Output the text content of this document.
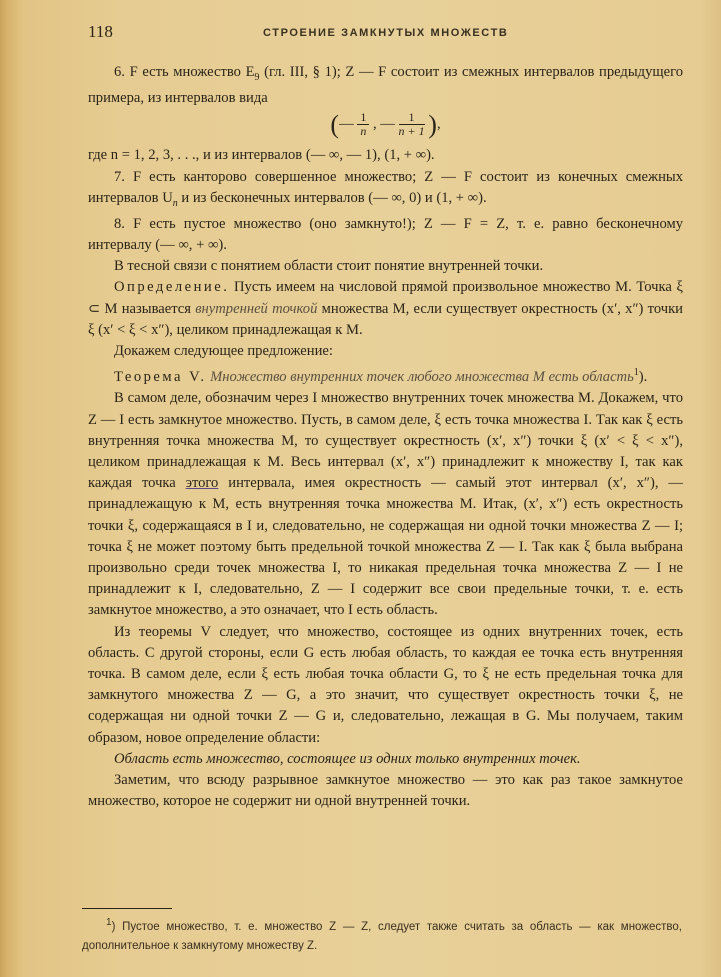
118	СТРОЕНИЕ ЗАМКНУТЫХ МНОЖЕСТВ

6. F есть множество $E_9$ (гл. III, § 1); Z — F состоит из смежных интервалов предыдущего примера, из интервалов вида

(— $\frac{1}{n}$ , — $\frac{1}{n + 1}$ ),

где n = 1, 2, 3, . . ., и из интервалов (— ∞, — 1), (1, + ∞).

7. F есть канторово совершенное множество; Z — F состоит из конечных смежных интервалов $U_n$ и из бесконечных интервалов (— ∞, 0) и (1, + ∞).

8. F есть пустое множество (оно замкнуто!); Z — F = Z, т. е. равно бесконечному интервалу (— ∞, + ∞).

В тесной связи с понятием области стоит понятие внутренней точки.

Определение. Пусть имеем на числовой прямой произвольное множество M. Точка ξ ⊂ M называется внутренней точкой множества M, если существует окрестность (x′, x″) точки ξ (x′ < ξ < x″), целиком принадлежащая к M.

Докажем следующее предложение:

Теорема V. Множество внутренних точек любого множества M есть область$^1$).

В самом деле, обозначим через I множество внутренних точек множества M. Докажем, что Z — I есть замкнутое множество. Пусть, в самом деле, ξ есть точка множества I. Так как ξ есть внутренняя точка множества M, то существует окрестность (x′, x″) точки ξ (x′ < ξ < x″), целиком принадлежащая к M. Весь интервал (x′, x″) принадлежит к множеству I, так как каждая точка этого интервала, имея окрестность — самый этот интервал (x′, x″), — принадлежащую к M, есть внутренняя точка множества M. Итак, (x′, x″) есть окрестность точки ξ, содержащаяся в I и, следовательно, не содержащая ни одной точки множества Z — I; точка ξ не может поэтому быть предельной точкой множества Z — I. Так как ξ была выбрана произвольно среди точек множества I, то никакая предельная точка множества Z — I не принадлежит к I, следовательно, Z — I содержит все свои предельные точки, т. е. есть замкнутое множество, а это означает, что I есть область.

Из теоремы V следует, что множество, состоящее из одних внутренних точек, есть область. С другой стороны, если G есть любая область, то каждая ее точка есть внутренняя точка. В самом деле, если ξ есть любая точка области G, то ξ не есть предельная точка для замкнутого множества Z — G, а это значит, что существует окрестность точки ξ, не содержащая ни одной точки Z — G и, следовательно, лежащая в G. Мы получаем, таким образом, новое определение области:

Область есть множество, состоящее из одних только внутренних точек.

Заметим, что всюду разрывное замкнутое множество — это как раз такое замкнутое множество, которое не содержит ни одной внутренней точки.

1) Пустое множество, т. е. множество Z — Z, следует также считать за область — как множество, дополнительное к замкнутому множеству Z.
